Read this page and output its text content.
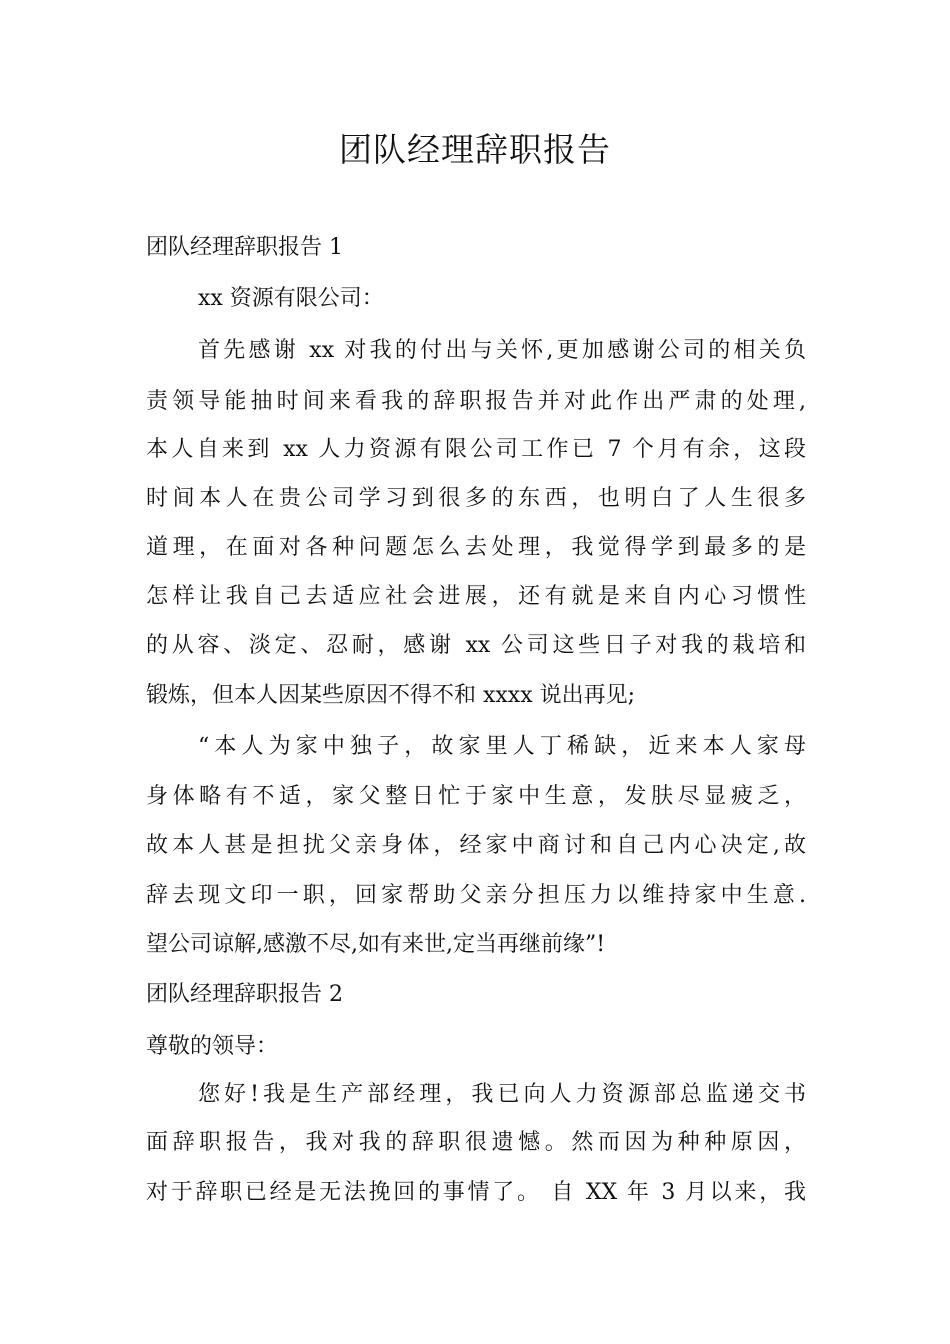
团队经理辞职报告

团队经理辞职报告 1

xx 资源有限公司：

首先感谢 xx 对我的付出与关怀,更加感谢公司的相关负

责领导能抽时间来看我的辞职报告并对此作出严肃的处理,

本人自来到 xx 人力资源有限公司工作已 7 个月有余，这段

时间本人在贵公司学习到很多的东西，也明白了人生很多

道理，在面对各种问题怎么去处理，我觉得学到最多的是

怎样让我自己去适应社会进展，还有就是来自内心习惯性

的从容、淡定、忍耐，感谢 xx 公司这些日子对我的栽培和

锻炼，但本人因某些原因不得不和 xxxx 说出再见;

“本人为家中独子，故家里人丁稀缺，近来本人家母

身体略有不适，家父整日忙于家中生意，发肤尽显疲乏，

故本人甚是担扰父亲身体，经家中商讨和自己内心决定,故

辞去现文印一职，回家帮助父亲分担压力以维持家中生意.

望公司谅解,感激不尽,如有来世,定当再继前缘”!

团队经理辞职报告 2

尊敬的领导：

您好!我是生产部经理，我已向人力资源部总监递交书

面辞职报告，我对我的辞职很遗憾。然而因为种种原因，

对于辞职已经是无法挽回的事情了。 自 XX 年 3 月以来，我
